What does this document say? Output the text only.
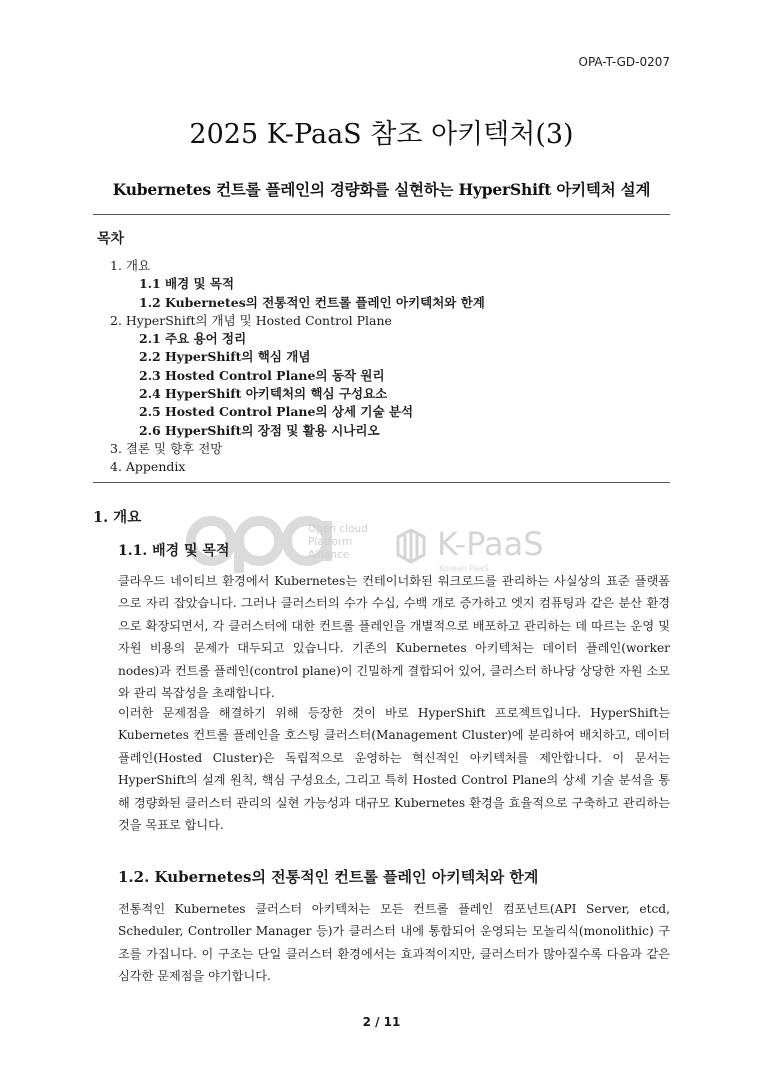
OPA-T-GD-0207
2025 K-PaaS 참조 아키텍처(3)
Kubernetes 컨트롤 플레인의 경량화를 실현하는 HyperShift 아키텍처 설계
목차
1. 개요
1.1 배경 및 목적
1.2 Kubernetes의 전통적인 컨트롤 플레인 아키텍처와 한계
2. HyperShift의 개념 및 Hosted Control Plane
2.1 주요 용어 정리
2.2 HyperShift의 핵심 개념
2.3 Hosted Control Plane의 동작 원리
2.4 HyperShift 아키텍처의 핵심 구성요소
2.5 Hosted Control Plane의 상세 기술 분석
2.6 HyperShift의 장점 및 활용 시나리오
3. 결론 및 향후 전망
4. Appendix
Open cloud
Platform
Alliance	K-PaaS
Korean PaaS
1. 개요
1.1. 배경 및 목적
클라우드 네이티브 환경에서 Kubernetes는 컨테이너화된 워크로드를 관리하는 사실상의 표준 플랫폼으로 자리 잡았습니다. 그러나 클러스터의 수가 수십, 수백 개로 증가하고 엣지 컴퓨팅과 같은 분산 환경으로 확장되면서, 각 클러스터에 대한 컨트롤 플레인을 개별적으로 배포하고 관리하는 데 따르는 운영 및 자원 비용의 문제가 대두되고 있습니다. 기존의 Kubernetes 아키텍처는 데이터 플레인(worker nodes)과 컨트롤 플레인(control plane)이 긴밀하게 결합되어 있어, 클러스터 하나당 상당한 자원 소모와 관리 복잡성을 초래합니다.
이러한 문제점을 해결하기 위해 등장한 것이 바로 HyperShift 프로젝트입니다. HyperShift는 Kubernetes 컨트롤 플레인을 호스팅 클러스터(Management Cluster)에 분리하여 배치하고, 데이터 플레인(Hosted Cluster)은 독립적으로 운영하는 혁신적인 아키텍처를 제안합니다. 이 문서는 HyperShift의 설계 원칙, 핵심 구성요소, 그리고 특히 Hosted Control Plane의 상세 기술 분석을 통해 경량화된 클러스터 관리의 실현 가능성과 대규모 Kubernetes 환경을 효율적으로 구축하고 관리하는 것을 목표로 합니다.
1.2. Kubernetes의 전통적인 컨트롤 플레인 아키텍처와 한계
전통적인 Kubernetes 클러스터 아키텍처는 모든 컨트롤 플레인 컴포넌트(API Server, etcd, Scheduler, Controller Manager 등)가 클러스터 내에 통합되어 운영되는 모놀리식(monolithic) 구조를 가집니다. 이 구조는 단일 클러스터 환경에서는 효과적이지만, 클러스터가 많아질수록 다음과 같은 심각한 문제점을 야기합니다.
2 / 11
